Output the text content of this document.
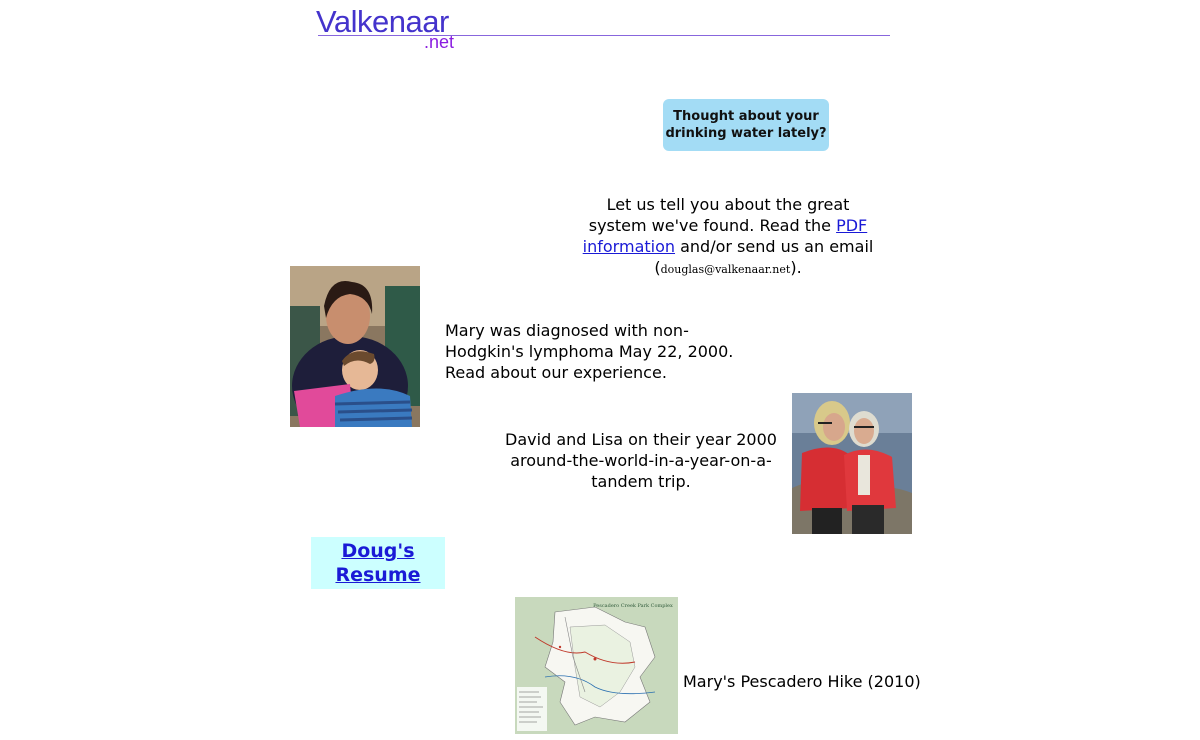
Valkenaar
.net
Thought about your
drinking water lately?
Let us tell you about the great system we've found. Read the PDF information and/or send us an email (douglas@valkenaar.net).
Mary was diagnosed with non-
Hodgkin's lymphoma May 22, 2000.
Read about our experience.
David and Lisa on their year 2000 around-the-world-in-a-year-on-a-tandem trip.
Doug's Resume
Pescadero Creek Park Complex
Mary's Pescadero Hike (2010)
